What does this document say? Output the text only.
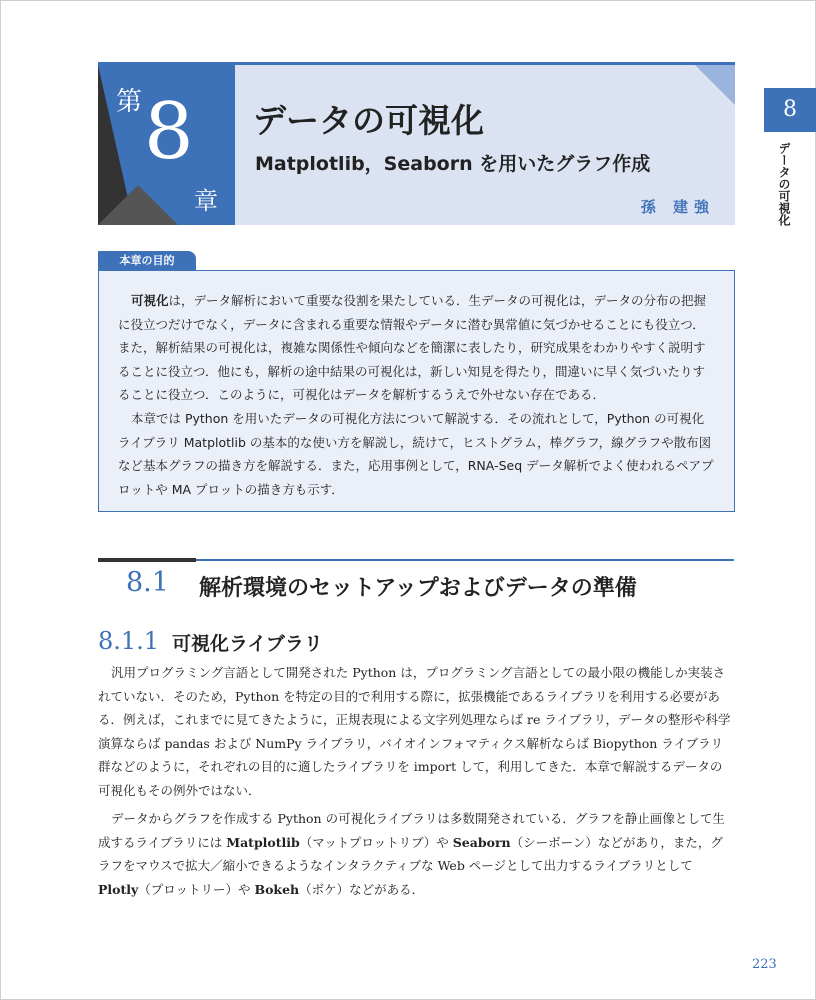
第 8
章
データの可視化
Matplotlib，Seaborn を用いたグラフ作成
孫 建強
8
データの可視化
本章の目的

可視化は，データ解析において重要な役割を果たしている．生データの可視化は，データの分布の把握に役立つだけでなく，データに含まれる重要な情報やデータに潜む異常値に気づかせることにも役立つ．また，解析結果の可視化は，複雑な関係性や傾向などを簡潔に表したり，研究成果をわかりやすく説明することに役立つ．他にも，解析の途中結果の可視化は，新しい知見を得たり，間違いに早く気づいたりすることに役立つ．このように，可視化はデータを解析するうえで外せない存在である．

本章では Python を用いたデータの可視化方法について解説する．その流れとして，Python の可視化ライブラリ Matplotlib の基本的な使い方を解説し，続けて，ヒストグラム，棒グラフ，線グラフや散布図など基本グラフの描き方を解説する．また，応用事例として，RNA-Seq データ解析でよく使われるペアプロットや MA プロットの描き方も示す．

8.1 解析環境のセットアップおよびデータの準備
8.1.1 可視化ライブラリ

汎用プログラミング言語として開発された Python は，プログラミング言語としての最小限の機能しか実装されていない．そのため，Python を特定の目的で利用する際に，拡張機能であるライブラリを利用する必要がある．例えば，これまでに見てきたように，正規表現による文字列処理ならば re ライブラリ，データの整形や科学演算ならば pandas および NumPy ライブラリ，バイオインフォマティクス解析ならば Biopython ライブラリ群などのように，それぞれの目的に適したライブラリを import して，利用してきた．本章で解説するデータの可視化もその例外ではない．

データからグラフを作成する Python の可視化ライブラリは多数開発されている．グラフを静止画像として生成するライブラリには Matplotlib（マットプロットリブ）や Seaborn（シーボーン）などがあり，また，グラフをマウスで拡大／縮小できるようなインタラクティブな Web ページとして出力するライブラリとして Plotly（プロットリー）や Bokeh（ボケ）などがある．

223
